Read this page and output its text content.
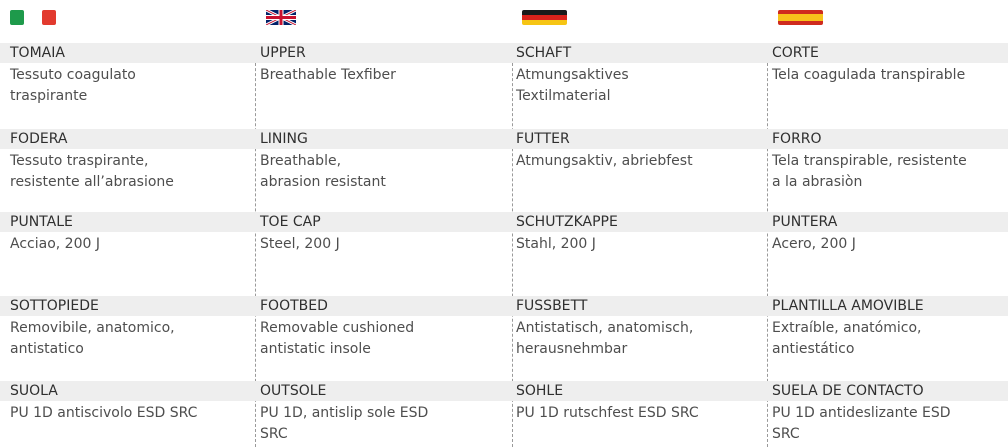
TOMAIA
Tessuto coagulato
traspirante
FODERA
Tessuto traspirante,
resistente all’abrasione
PUNTALE
Acciao, 200 J
SOTTOPIEDE
Removibile, anatomico,
antistatico
SUOLA
PU 1D antiscivolo ESD SRC
UPPER
Breathable Texfiber
LINING
Breathable,
abrasion resistant
TOE CAP
Steel, 200 J
FOOTBED
Removable cushioned
antistatic insole
OUTSOLE
PU 1D, antislip sole ESD
SRC
SCHAFT
Atmungsaktives
Textilmaterial
FUTTER
Atmungsaktiv, abriebfest
SCHUTZKAPPE
Stahl, 200 J
FUSSBETT
Antistatisch, anatomisch,
herausnehmbar
SOHLE
PU 1D rutschfest ESD SRC
CORTE
Tela coagulada transpirable
FORRO
Tela transpirable, resistente
a la abrasiòn
PUNTERA
Acero, 200 J
PLANTILLA AMOVIBLE
Extraíble, anatómico,
antiestático
SUELA DE CONTACTO
PU 1D antideslizante ESD
SRC
